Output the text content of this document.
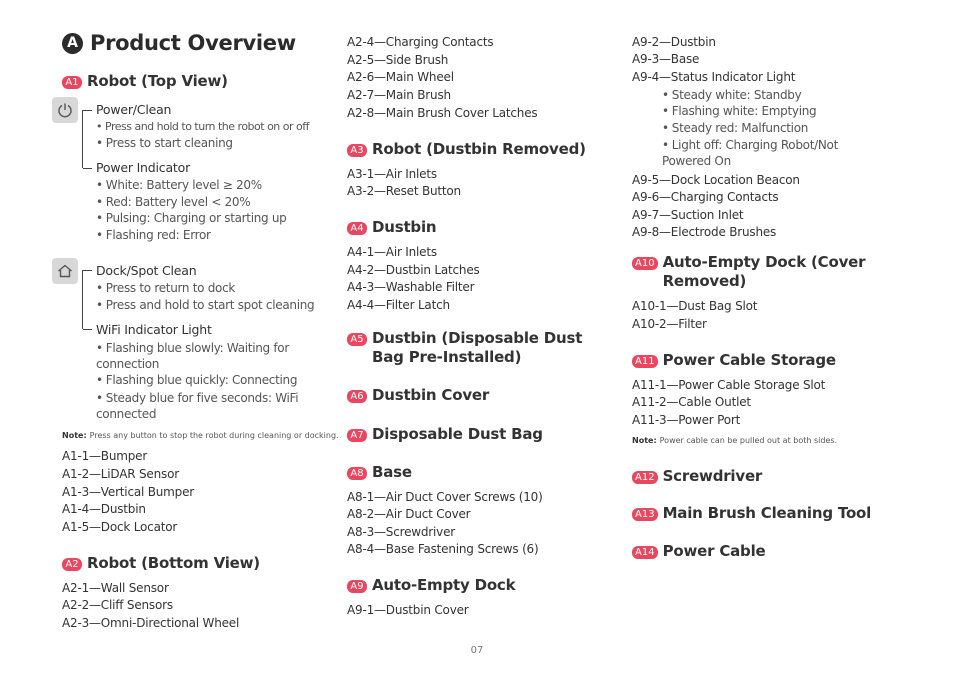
A Product Overview
A1 Robot (Top View)
Power/Clean
• Press and hold to turn the robot on or off
• Press to start cleaning
Power Indicator
• White: Battery level ≥ 20%
• Red: Battery level < 20%
• Pulsing: Charging or starting up
• Flashing red: Error
Dock/Spot Clean
• Press to return to dock
• Press and hold to start spot cleaning
WiFi Indicator Light
• Flashing blue slowly: Waiting for connection
• Flashing blue quickly: Connecting
• Steady blue for five seconds: WiFi connected
Note: Press any button to stop the robot during cleaning or docking.
A1-1—Bumper
A1-2—LiDAR Sensor
A1-3—Vertical Bumper
A1-4—Dustbin
A1-5—Dock Locator
A2 Robot (Bottom View)
A2-1—Wall Sensor
A2-2—Cliff Sensors
A2-3—Omni-Directional Wheel
A2-4—Charging Contacts
A2-5—Side Brush
A2-6—Main Wheel
A2-7—Main Brush
A2-8—Main Brush Cover Latches
A3 Robot (Dustbin Removed)
A3-1—Air Inlets
A3-2—Reset Button
A4 Dustbin
A4-1—Air Inlets
A4-2—Dustbin Latches
A4-3—Washable Filter
A4-4—Filter Latch
A5 Dustbin (Disposable Dust Bag Pre-Installed)
A6 Dustbin Cover
A7 Disposable Dust Bag
A8 Base
A8-1—Air Duct Cover Screws (10)
A8-2—Air Duct Cover
A8-3—Screwdriver
A8-4—Base Fastening Screws (6)
A9 Auto-Empty Dock
A9-1—Dustbin Cover
A9-2—Dustbin
A9-3—Base
A9-4—Status Indicator Light
• Steady white: Standby
• Flashing white: Emptying
• Steady red: Malfunction
• Light off: Charging Robot/Not Powered On
A9-5—Dock Location Beacon
A9-6—Charging Contacts
A9-7—Suction Inlet
A9-8—Electrode Brushes
A10 Auto-Empty Dock (Cover Removed)
A10-1—Dust Bag Slot
A10-2—Filter
A11 Power Cable Storage
A11-1—Power Cable Storage Slot
A11-2—Cable Outlet
A11-3—Power Port
Note: Power cable can be pulled out at both sides.
A12 Screwdriver
A13 Main Brush Cleaning Tool
A14 Power Cable
07
